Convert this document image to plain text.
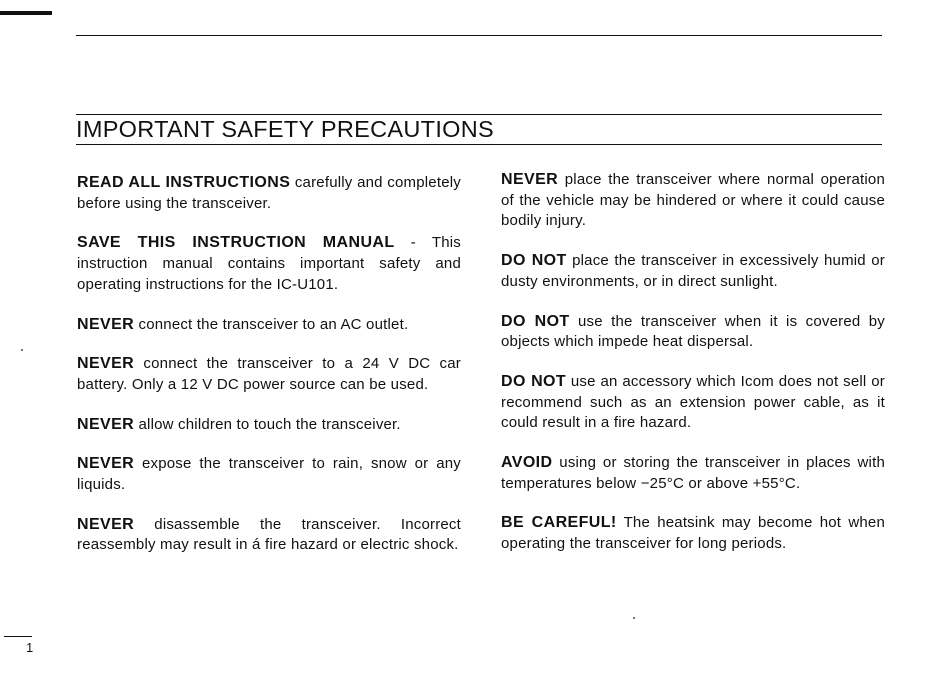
IMPORTANT SAFETY PRECAUTIONS

READ ALL INSTRUCTIONS carefully and completely before using the transceiver.

SAVE THIS INSTRUCTION MANUAL - This instruction manual contains important safety and operating instructions for the IC-U101.

NEVER connect the transceiver to an AC outlet.

NEVER connect the transceiver to a 24 V DC car battery. Only a 12 V DC power source can be used.

NEVER allow children to touch the transceiver.

NEVER expose the transceiver to rain, snow or any liquids.

NEVER disassemble the transceiver. Incorrect reassembly may result in á fire hazard or electric shock.

NEVER place the transceiver where normal operation of the vehicle may be hindered or where it could cause bodily injury.

DO NOT place the transceiver in excessively humid or dusty environments, or in direct sunlight.

DO NOT use the transceiver when it is covered by objects which impede heat dispersal.

DO NOT use an accessory which Icom does not sell or recommend such as an extension power cable, as it could result in a fire hazard.

AVOID using or storing the transceiver in places with temperatures below −25°C or above +55°C.

BE CAREFUL! The heatsink may become hot when operating the transceiver for long periods.

1
